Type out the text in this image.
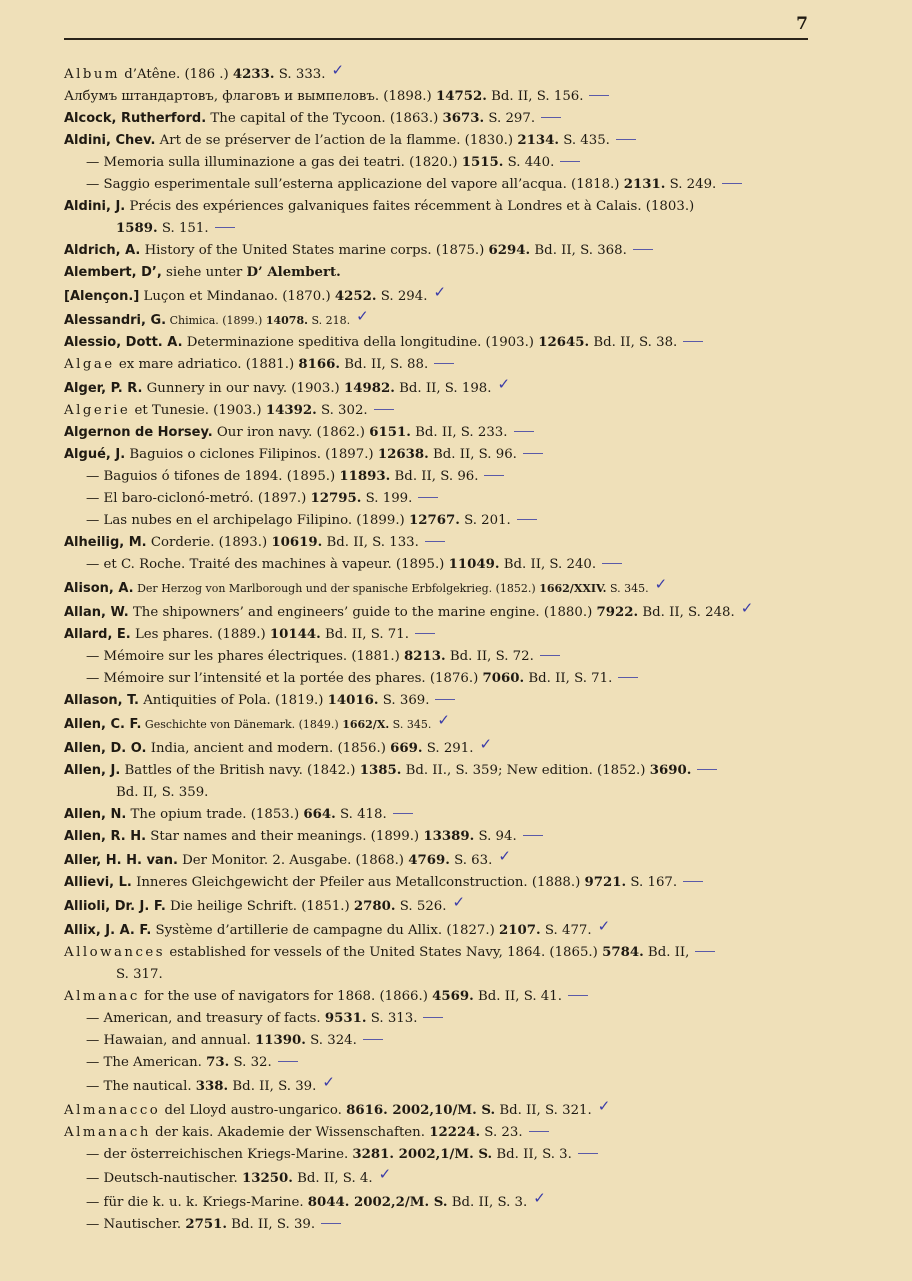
7
Album d’Atêne. (186 .) 4233. S. 333. ✓
Албумъ штандартовъ, флаговъ и вымпеловъ. (1898.) 14752. Bd. II, S. 156.
Alcock, Rutherford. The capital of the Tycoon. (1863.) 3673. S. 297.
Aldini, Chev. Art de se préserver de l’action de la flamme. (1830.) 2134. S. 435.
— Memoria sulla illuminazione a gas dei teatri. (1820.) 1515. S. 440.
— Saggio esperimentale sull’esterna applicazione del vapore all’acqua. (1818.) 2131. S. 249.
Aldini, J. Précis des expériences galvaniques faites récemment à Londres et à Calais. (1803.)
1589. S. 151.
Aldrich, A. History of the United States marine corps. (1875.) 6294. Bd. II, S. 368.
Alembert, D’, siehe unter D’ Alembert.
[Alençon.] Luçon et Mindanao. (1870.) 4252. S. 294. ✓
Alessandri, G. Chimica. (1899.) 14078. S. 218. ✓
Alessio, Dott. A. Determinazione speditiva della longitudine. (1903.) 12645. Bd. II, S. 38.
Algae ex mare adriatico. (1881.) 8166. Bd. II, S. 88.
Alger, P. R. Gunnery in our navy. (1903.) 14982. Bd. II, S. 198. ✓
Algerie et Tunesie. (1903.) 14392. S. 302.
Algernon de Horsey. Our iron navy. (1862.) 6151. Bd. II, S. 233.
Algué, J. Baguios o ciclones Filipinos. (1897.) 12638. Bd. II, S. 96.
— Baguios ó tifones de 1894. (1895.) 11893. Bd. II, S. 96.
— El baro-ciclonó-metró. (1897.) 12795. S. 199.
— Las nubes en el archipelago Filipino. (1899.) 12767. S. 201.
Alheilig, M. Corderie. (1893.) 10619. Bd. II, S. 133.
— et C. Roche. Traité des machines à vapeur. (1895.) 11049. Bd. II, S. 240.
Alison, A. Der Herzog von Marlborough und der spanische Erbfolgekrieg. (1852.) 1662/XXIV. S. 345. ✓
Allan, W. The shipowners’ and engineers’ guide to the marine engine. (1880.) 7922. Bd. II, S. 248. ✓
Allard, E. Les phares. (1889.) 10144. Bd. II, S. 71.
— Mémoire sur les phares électriques. (1881.) 8213. Bd. II, S. 72.
— Mémoire sur l’intensité et la portée des phares. (1876.) 7060. Bd. II, S. 71.
Allason, T. Antiquities of Pola. (1819.) 14016. S. 369.
Allen, C. F. Geschichte von Dänemark. (1849.) 1662/X. S. 345. ✓
Allen, D. O. India, ancient and modern. (1856.) 669. S. 291. ✓
Allen, J. Battles of the British navy. (1842.) 1385. Bd. II., S. 359; New edition. (1852.) 3690.
Bd. II, S. 359.
Allen, N. The opium trade. (1853.) 664. S. 418.
Allen, R. H. Star names and their meanings. (1899.) 13389. S. 94.
Aller, H. H. van. Der Monitor. 2. Ausgabe. (1868.) 4769. S. 63. ✓
Allievi, L. Inneres Gleichgewicht der Pfeiler aus Metallconstruction. (1888.) 9721. S. 167.
Allioli, Dr. J. F. Die heilige Schrift. (1851.) 2780. S. 526. ✓
Allix, J. A. F. Système d’artillerie de campagne du Allix. (1827.) 2107. S. 477. ✓
Allowances established for vessels of the United States Navy, 1864. (1865.) 5784. Bd. II,
S. 317.
Almanac for the use of navigators for 1868. (1866.) 4569. Bd. II, S. 41.
— American, and treasury of facts. 9531. S. 313.
— Hawaian, and annual. 11390. S. 324.
— The American. 73. S. 32.
— The nautical. 338. Bd. II, S. 39. ✓
Almanacco del Lloyd austro-ungarico. 8616. 2002,10/M. S. Bd. II, S. 321. ✓
Almanach der kais. Akademie der Wissenschaften. 12224. S. 23.
— der österreichischen Kriegs-Marine. 3281. 2002,1/M. S. Bd. II, S. 3.
— Deutsch-nautischer. 13250. Bd. II, S. 4. ✓
— für die k. u. k. Kriegs-Marine. 8044. 2002,2/M. S. Bd. II, S. 3. ✓
— Nautischer. 2751. Bd. II, S. 39.
